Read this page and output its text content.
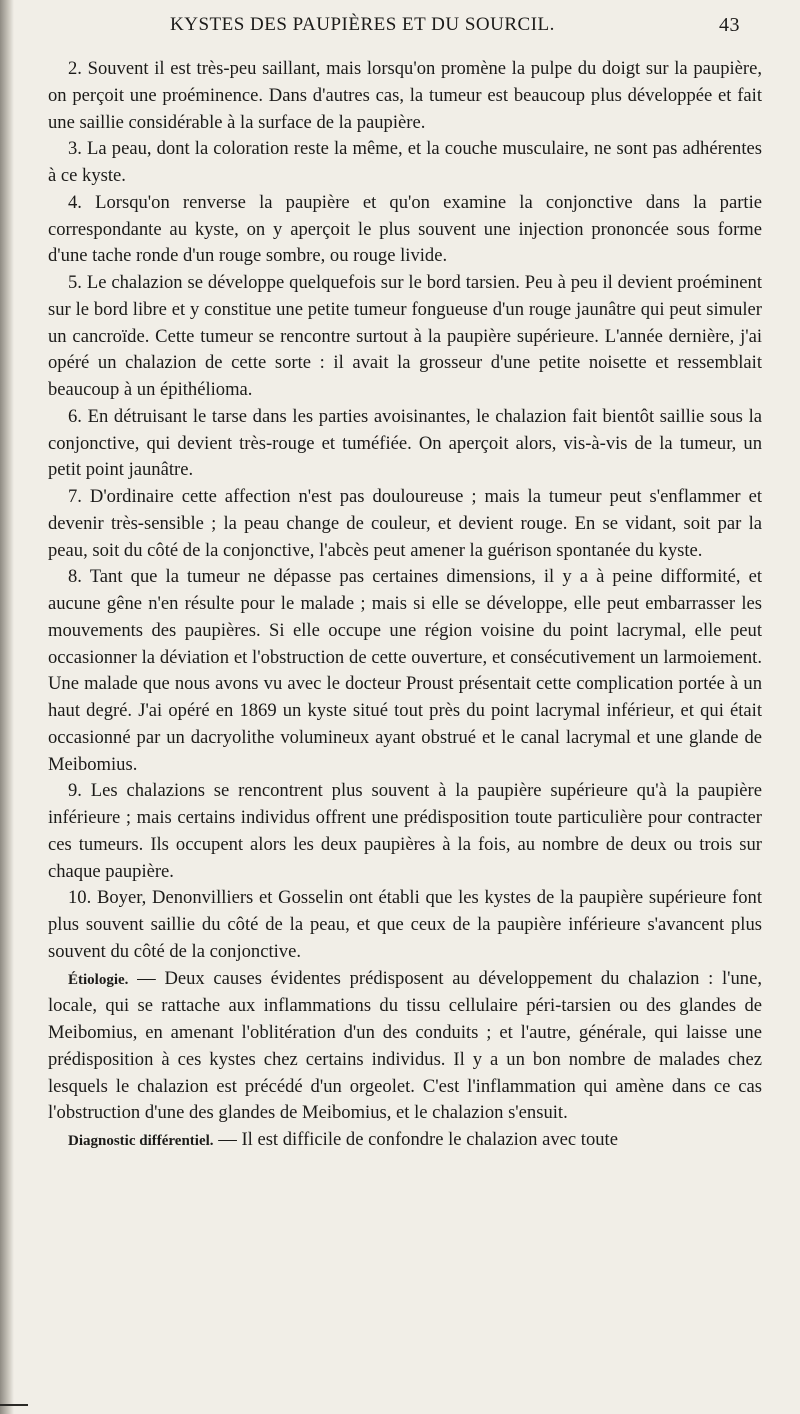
KYSTES DES PAUPIÈRES ET DU SOURCIL.	43

2. Souvent il est très-peu saillant, mais lorsqu'on promène la pulpe du doigt sur la paupière, on perçoit une proéminence. Dans d'autres cas, la tumeur est beaucoup plus développée et fait une saillie considérable à la surface de la paupière.

3. La peau, dont la coloration reste la même, et la couche musculaire, ne sont pas adhérentes à ce kyste.

4. Lorsqu'on renverse la paupière et qu'on examine la conjonctive dans la partie correspondante au kyste, on y aperçoit le plus souvent une injection prononcée sous forme d'une tache ronde d'un rouge sombre, ou rouge livide.

5. Le chalazion se développe quelquefois sur le bord tarsien. Peu à peu il devient proéminent sur le bord libre et y constitue une petite tumeur fongueuse d'un rouge jaunâtre qui peut simuler un cancroïde. Cette tumeur se rencontre surtout à la paupière supérieure. L'année dernière, j'ai opéré un chalazion de cette sorte : il avait la grosseur d'une petite noisette et ressemblait beaucoup à un épithélioma.

6. En détruisant le tarse dans les parties avoisinantes, le chalazion fait bientôt saillie sous la conjonctive, qui devient très-rouge et tuméfiée. On aperçoit alors, vis-à-vis de la tumeur, un petit point jaunâtre.

7. D'ordinaire cette affection n'est pas douloureuse ; mais la tumeur peut s'enflammer et devenir très-sensible ; la peau change de couleur, et devient rouge. En se vidant, soit par la peau, soit du côté de la conjonctive, l'abcès peut amener la guérison spontanée du kyste.

8. Tant que la tumeur ne dépasse pas certaines dimensions, il y a à peine difformité, et aucune gêne n'en résulte pour le malade ; mais si elle se développe, elle peut embarrasser les mouvements des paupières. Si elle occupe une région voisine du point lacrymal, elle peut occasionner la déviation et l'obstruction de cette ouverture, et consécutivement un larmoiement. Une malade que nous avons vu avec le docteur Proust présentait cette complication portée à un haut degré. J'ai opéré en 1869 un kyste situé tout près du point lacrymal inférieur, et qui était occasionné par un dacryolithe volumineux ayant obstrué et le canal lacrymal et une glande de Meibomius.

9. Les chalazions se rencontrent plus souvent à la paupière supérieure qu'à la paupière inférieure ; mais certains individus offrent une prédisposition toute particulière pour contracter ces tumeurs. Ils occupent alors les deux paupières à la fois, au nombre de deux ou trois sur chaque paupière.

10. Boyer, Denonvilliers et Gosselin ont établi que les kystes de la paupière supérieure font plus souvent saillie du côté de la peau, et que ceux de la paupière inférieure s'avancent plus souvent du côté de la conjonctive.

Étiologie. — Deux causes évidentes prédisposent au développement du chalazion : l'une, locale, qui se rattache aux inflammations du tissu cellulaire péri-tarsien ou des glandes de Meibomius, en amenant l'oblitération d'un des conduits ; et l'autre, générale, qui laisse une prédisposition à ces kystes chez certains individus. Il y a un bon nombre de malades chez lesquels le chalazion est précédé d'un orgeolet. C'est l'inflammation qui amène dans ce cas l'obstruction d'une des glandes de Meibomius, et le chalazion s'ensuit.

Diagnostic différentiel. — Il est difficile de confondre le chalazion avec toute
